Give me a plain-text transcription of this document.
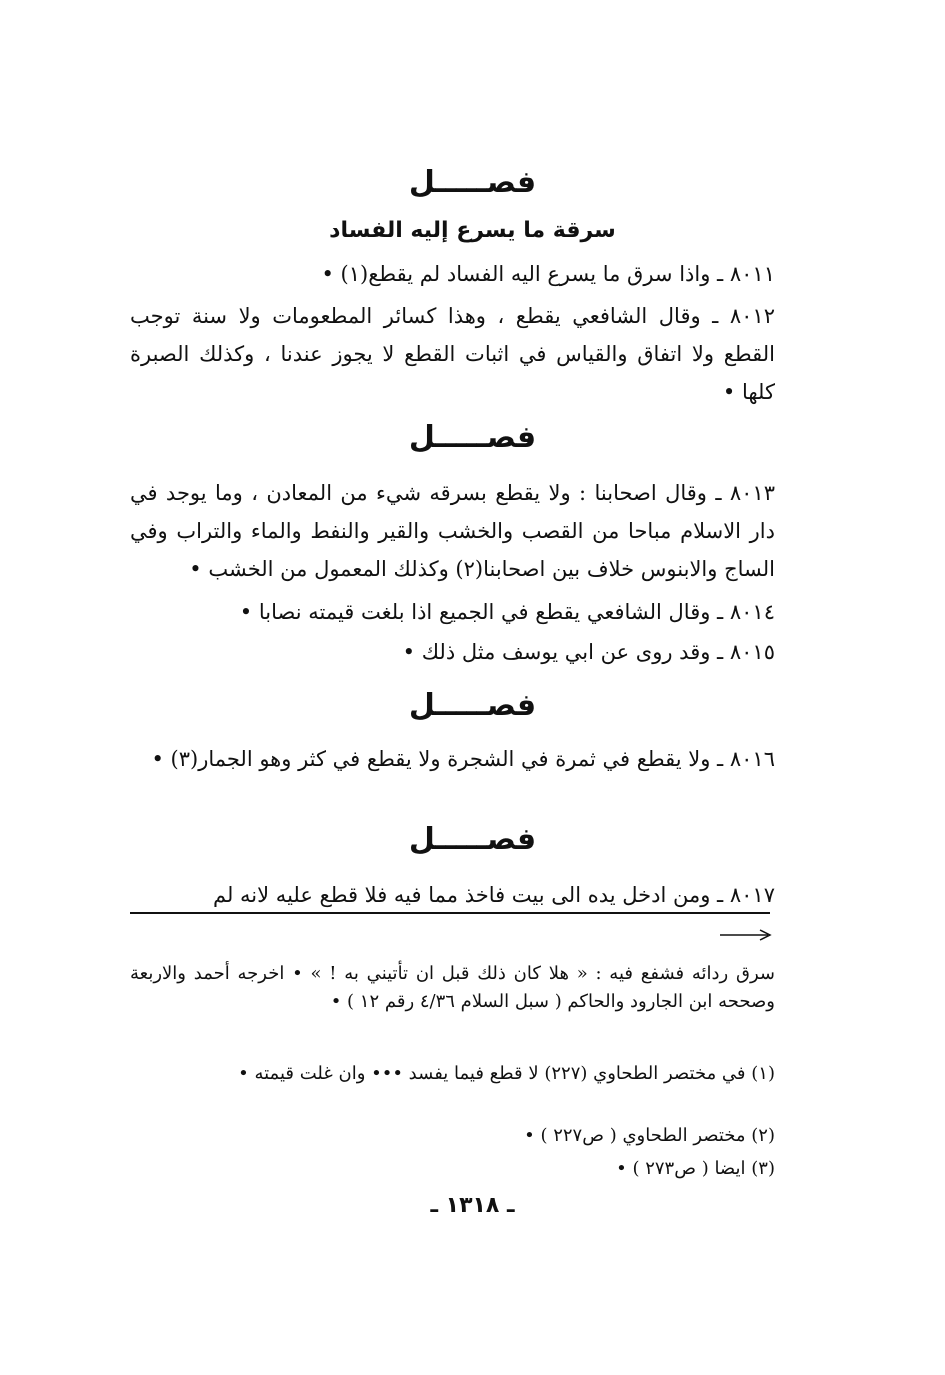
فصـــــل
سرقة ما يسرع إليه الفساد
٨٠١١ ـ واذا سرق ما يسرع اليه الفساد لم يقطع(١) •
٨٠١٢ ـ وقال الشافعي يقطع ، وهذا كسائر المطعومات ولا سنة توجب القطع ولا اتفاق والقياس في اثبات القطع لا يجوز عندنا ، وكذلك الصبرة كلها •
فصـــــل
٨٠١٣ ـ وقال اصحابنا : ولا يقطع بسرقه شيء من المعادن ، وما يوجد في دار الاسلام مباحا من القصب والخشب والقير والنفط والماء والتراب وفي الساج والابنوس خلاف بين اصحابنا(٢) وكذلك المعمول من الخشب •
٨٠١٤ ـ وقال الشافعي يقطع في الجميع اذا بلغت قيمته نصابا •
٨٠١٥ ـ وقد روى عن ابي يوسف مثل ذلك •
فصـــــل
٨٠١٦ ـ ولا يقطع في ثمرة في الشجرة ولا يقطع في كثر وهو الجمار(٣) •
فصـــــل
٨٠١٧ ـ ومن ادخل يده الى بيت فاخذ مما فيه فلا قطع عليه لانه لم
سرق ردائه فشفع فيه : « هلا كان ذلك قبل ان تأتيني به ! » • اخرجه أحمد والاربعة وصححه ابن الجارود والحاكم ( سبل السلام ٤/٣٦ رقم ١٢ ) •
(١) في مختصر الطحاوي (٢٢٧) لا قطع فيما يفسد ••• وان غلت قيمته •
(٢) مختصر الطحاوي ( ص٢٢٧ ) •
(٣) ايضا ( ص٢٧٣ ) •
ـ ١٣١٨ ـ
